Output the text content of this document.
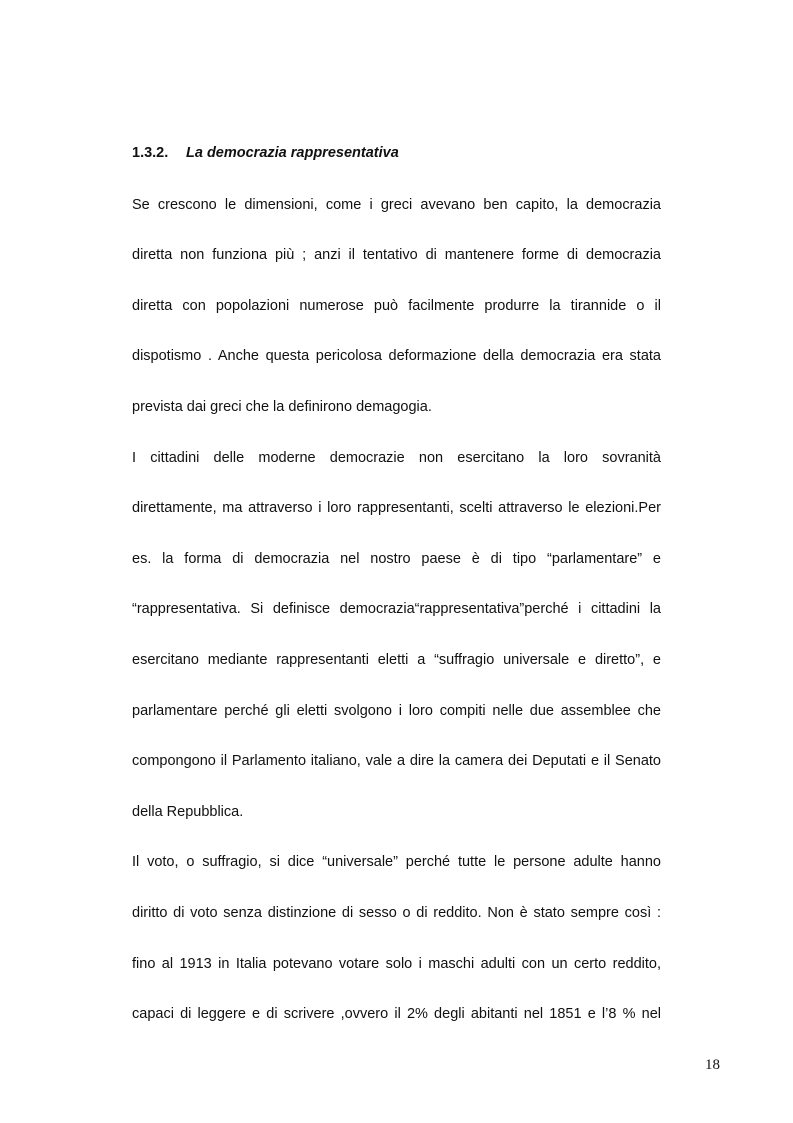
1.3.2. La democrazia rappresentativa
Se crescono le dimensioni, come i greci avevano ben capito, la democrazia
diretta non funziona più ; anzi il tentativo di mantenere forme di democrazia
diretta con popolazioni numerose può facilmente produrre la tirannide o il
dispotismo . Anche questa pericolosa deformazione della democrazia era stata
prevista dai greci che la definirono demagogia.
I cittadini delle moderne democrazie non esercitano la loro sovranità
direttamente, ma attraverso i loro rappresentanti, scelti attraverso le elezioni.Per
es. la forma di democrazia nel nostro paese è di tipo “parlamentare” e
“rappresentativa. Si definisce democrazia“rappresentativa”perché i cittadini la
esercitano mediante rappresentanti eletti a “suffragio universale e diretto”, e
parlamentare perché gli eletti svolgono i loro compiti nelle due assemblee che
compongono il Parlamento italiano, vale a dire la camera dei Deputati e il Senato
della Repubblica.
Il voto, o suffragio, si dice “universale” perché tutte le persone adulte hanno
diritto di voto senza distinzione di sesso o di reddito. Non è stato sempre così :
fino al 1913 in Italia potevano votare solo i maschi adulti con un certo reddito,
capaci di leggere e di scrivere ,ovvero il 2% degli abitanti nel 1851 e l’8 % nel
18
